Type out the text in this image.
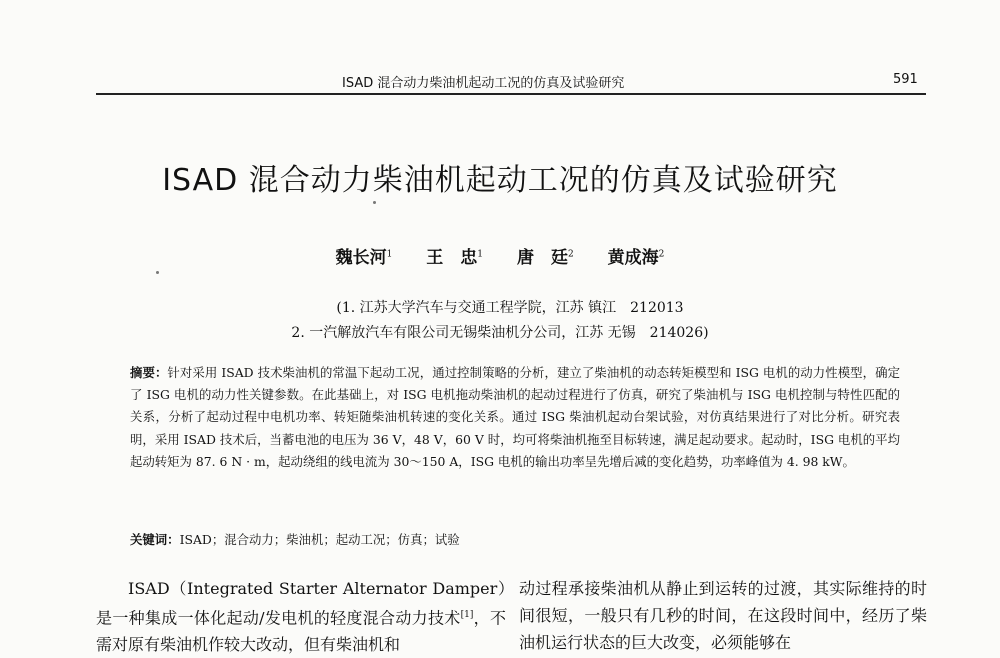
ISAD 混合动力柴油机起动工况的仿真及试验研究	591
ISAD 混合动力柴油机起动工况的仿真及试验研究
魏长河$^1$ 王　忠$^1$ 唐　廷$^2$ 黄成海$^2$
(1. 江苏大学汽车与交通工程学院，江苏 镇江　212013
2. 一汽解放汽车有限公司无锡柴油机分公司，江苏 无锡　214026)
摘要：针对采用 ISAD 技术柴油机的常温下起动工况，通过控制策略的分析，建立了柴油机的动态转矩模型和 ISG 电机的动力性模型，确定了 ISG 电机的动力性关键参数。在此基础上，对 ISG 电机拖动柴油机的起动过程进行了仿真，研究了柴油机与 ISG 电机控制与特性匹配的关系，分析了起动过程中电机功率、转矩随柴油机转速的变化关系。通过 ISG 柴油机起动台架试验，对仿真结果进行了对比分析。研究表明，采用 ISAD 技术后，当蓄电池的电压为 36 V，48 V，60 V 时，均可将柴油机拖至目标转速，满足起动要求。起动时，ISG 电机的平均起动转矩为 87. 6 N · m，起动绕组的线电流为 30～150 A，ISG 电机的输出功率呈先增后减的变化趋势，功率峰值为 4. 98 kW。
关键词：ISAD；混合动力；柴油机；起动工况；仿真；试验
ISAD（Integrated Starter Alternator Damper）是一种集成一体化起动/发电机的轻度混合动力技术[1]，不需对原有柴油机作较大改动，但有柴油机和
动过程承接柴油机从静止到运转的过渡，其实际维持的时间很短，一般只有几秒的时间，在这段时间中，经历了柴油机运行状态的巨大改变，必须能够在
